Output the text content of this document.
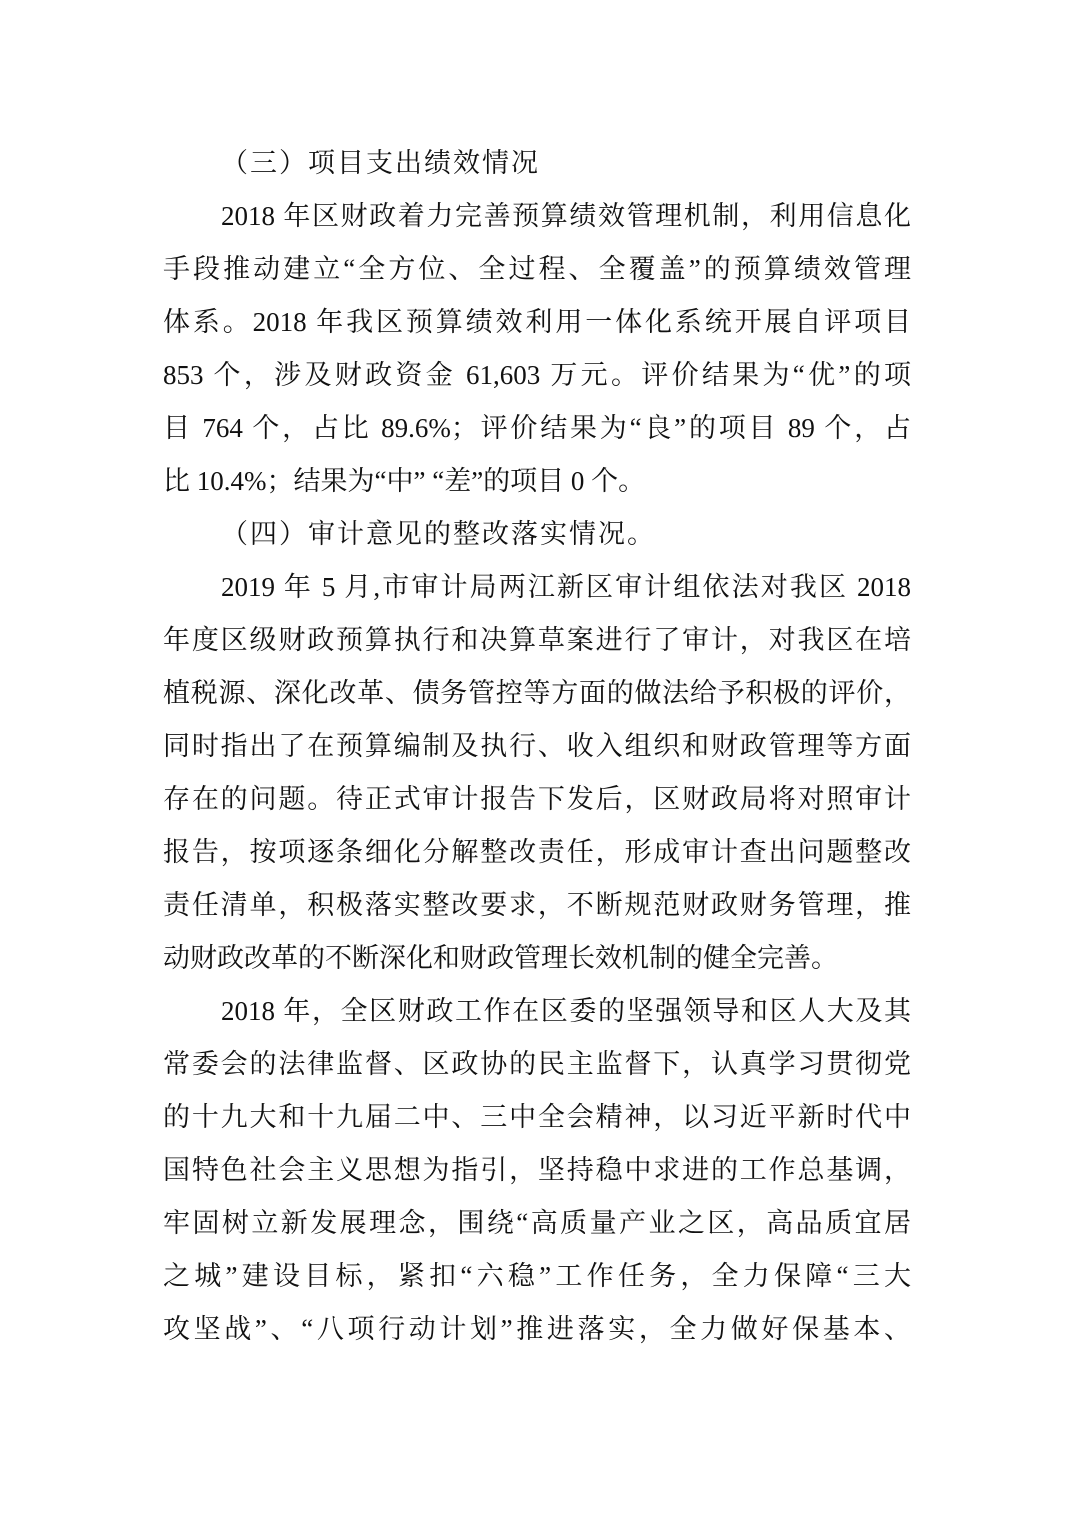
（三）项目支出绩效情况
2018 年区财政着力完善预算绩效管理机制，利用信息化
手段推动建立“全方位、全过程、全覆盖”的预算绩效管理
体系。2018 年我区预算绩效利用一体化系统开展自评项目
853 个，涉及财政资金 61,603 万元。评价结果为“优”的项
目 764 个，占比 89.6%；评价结果为“良”的项目 89 个，占
比 10.4%；结果为“中” “差”的项目 0 个。
（四）审计意见的整改落实情况。
2019 年 5 月,市审计局两江新区审计组依法对我区 2018
年度区级财政预算执行和决算草案进行了审计，对我区在培
植税源、深化改革、债务管控等方面的做法给予积极的评价，
同时指出了在预算编制及执行、收入组织和财政管理等方面
存在的问题。待正式审计报告下发后，区财政局将对照审计
报告，按项逐条细化分解整改责任，形成审计查出问题整改
责任清单，积极落实整改要求，不断规范财政财务管理，推
动财政改革的不断深化和财政管理长效机制的健全完善。
2018 年，全区财政工作在区委的坚强领导和区人大及其
常委会的法律监督、区政协的民主监督下，认真学习贯彻党
的十九大和十九届二中、三中全会精神，以习近平新时代中
国特色社会主义思想为指引，坚持稳中求进的工作总基调，
牢固树立新发展理念，围绕“高质量产业之区，高品质宜居
之城”建设目标，紧扣“六稳”工作任务，全力保障“三大
攻坚战”、“八项行动计划”推进落实，全力做好保基本、
